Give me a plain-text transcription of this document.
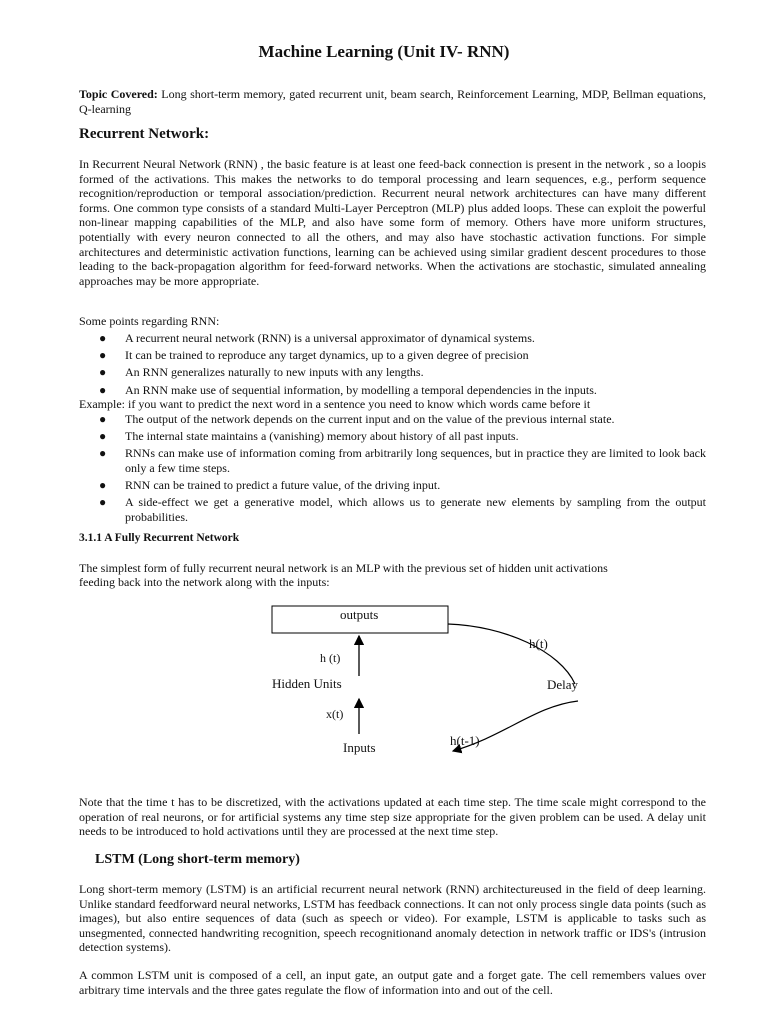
Machine Learning (Unit IV- RNN)

Topic Covered: Long short-term memory, gated recurrent unit, beam search, Reinforcement Learning, MDP, Bellman equations, Q-learning

Recurrent Network:

In Recurrent Neural Network (RNN) , the basic feature is at least one feed-back connection is present in the network , so a loopis formed of the activations. This makes the networks to do temporal processing and learn sequences, e.g., perform sequence recognition/reproduction or temporal association/prediction. Recurrent neural network architectures can have many different forms. One common type consists of a standard Multi-Layer Perceptron (MLP) plus added loops. These can exploit the powerful non-linear mapping capabilities of the MLP, and also have some form of memory. Others have more uniform structures, potentially with every neuron connected to all the others, and may also have stochastic activation functions. For simple architectures and deterministic activation functions, learning can be achieved using similar gradient descent procedures to those leading to the back-propagation algorithm for feed-forward networks. When the activations are stochastic, simulated annealing approaches may be more appropriate.

Some points regarding RNN:

● A recurrent neural network (RNN) is a universal approximator of dynamical systems.
● It can be trained to reproduce any target dynamics, up to a given degree of precision
● An RNN generalizes naturally to new inputs with any lengths.
● An RNN make use of sequential information, by modelling a temporal dependencies in the inputs.

Example: if you want to predict the next word in a sentence you need to know which words came before it

● The output of the network depends on the current input and on the value of the previous internal state.
● The internal state maintains a (vanishing) memory about history of all past inputs.
● RNNs can make use of information coming from arbitrarily long sequences, but in practice they are limited to look back only a few time steps.
● RNN can be trained to predict a future value, of the driving input.
● A side-effect we get a generative model, which allows us to generate new elements by sampling from the output probabilities.
3.1.1 A Fully Recurrent Network
The simplest form of fully recurrent neural network is an MLP with the previous set of hidden unit activations
feeding back into the network along with the inputs:
outputs
h(t)
h (t)
Hidden Units	Delay
x(t)
Inputs	h(t-1)

Note that the time t has to be discretized, with the activations updated at each time step. The time scale might correspond to the operation of real neurons, or for artificial systems any time step size appropriate for the given problem can be used. A delay unit needs to be introduced to hold activations until they are processed at the next time step.

LSTM (Long short-term memory)

Long short-term memory (LSTM) is an artificial recurrent neural network (RNN) architectureused in the field of deep learning. Unlike standard feedforward neural networks, LSTM has feedback connections. It can not only process single data points (such as images), but also entire sequences of data (such as speech or video). For example, LSTM is applicable to tasks such as unsegmented, connected handwriting recognition, speech recognitionand anomaly detection in network traffic or IDS's (intrusion detection systems).

A common LSTM unit is composed of a cell, an input gate, an output gate and a forget gate. The cell remembers values over arbitrary time intervals and the three gates regulate the flow of information into and out of the cell.
